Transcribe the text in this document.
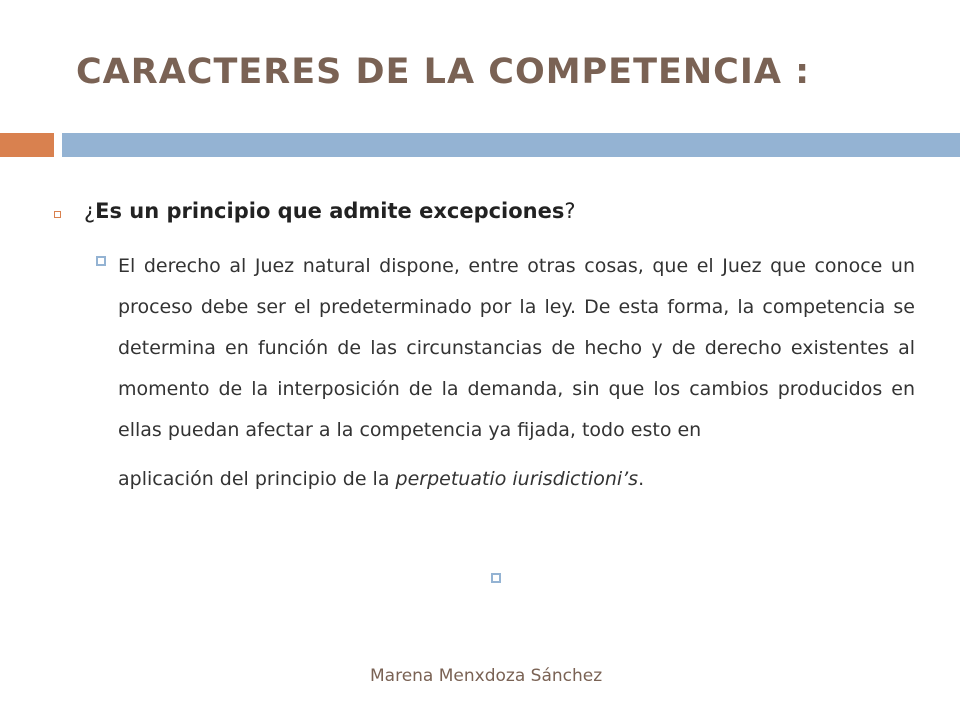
CARACTERES DE LA COMPETENCIA :
¿Es un principio que admite excepciones?
El derecho al Juez natural dispone, entre otras cosas, que el Juez que conoce un proceso debe ser el predeterminado por la ley. De esta forma, la competencia se determina en función de las circunstancias de hecho y de derecho existentes al momento de la interposición de la demanda, sin que los cambios producidos en ellas puedan afectar a la competencia ya fijada, todo esto en
aplicación del principio de la perpetuatio iurisdictioni’s.
Marena Menxdoza Sánchez
